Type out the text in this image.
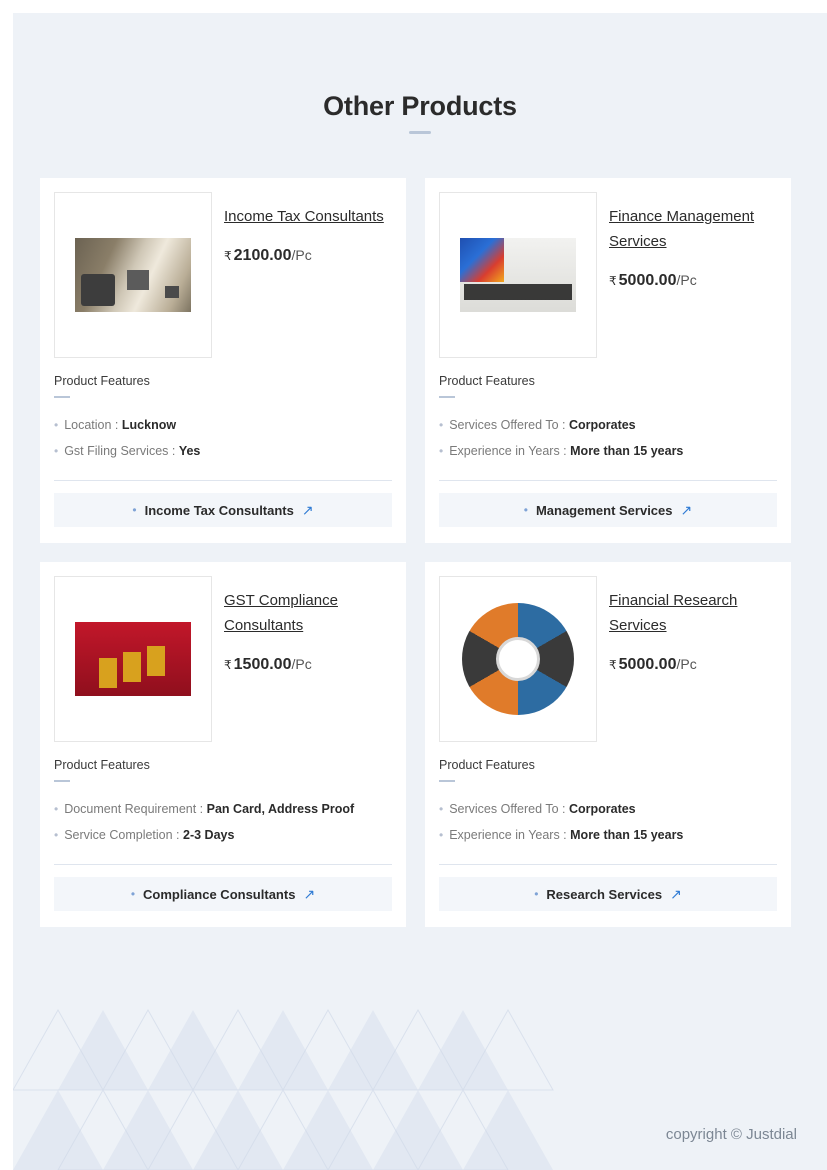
Other Products
Income Tax Consultants
₹ 2100.00/Pc
Product Features
• Location : Lucknow
• Gst Filing Services : Yes
• Income Tax Consultants ↗
Finance Management Services
₹ 5000.00/Pc
Product Features
• Services Offered To : Corporates
• Experience in Years : More than 15 years
• Management Services ↗
GST Compliance Consultants
₹ 1500.00/Pc
Product Features
• Document Requirement : Pan Card, Address Proof
• Service Completion : 2-3 Days
• Compliance Consultants ↗
Financial Research Services
₹ 5000.00/Pc
Product Features
• Services Offered To : Corporates
• Experience in Years : More than 15 years
• Research Services ↗
copyright © Justdial
